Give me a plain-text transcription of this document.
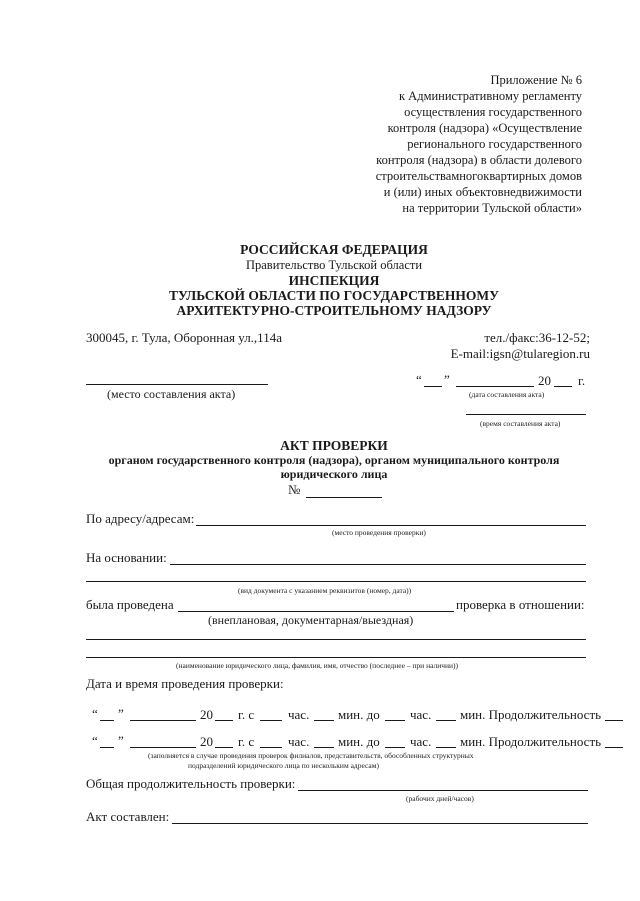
Приложение № 6
к Административному регламенту
осуществления государственного
контроля (надзора) «Осуществление
регионального государственного
контроля (надзора) в области долевого
строительствамногоквартирных домов
и (или) иных объектовнедвижимости
на территории Тульской области»
РОССИЙСКАЯ ФЕДЕРАЦИЯ
Правительство Тульской области
ИНСПЕКЦИЯ
ТУЛЬСКОЙ ОБЛАСТИ ПО ГОСУДАРСТВЕННОМУ
АРХИТЕКТУРНО-СТРОИТЕЛЬНОМУ НАДЗОРУ
300045, г. Тула, Оборонная ул.,114а	тел./факс:36-12-52;
E-mail:igsn@tularegion.ru
(место составления акта)
“ ”	20 г.
(дата составления акта)
(время составления акта)
АКТ ПРОВЕРКИ
органом государственного контроля (надзора), органом муниципального контроля
юридического лица
№
По адресу/адресам:
(место проведения проверки)
На основании:
(вид документа с указанием реквизитов (номер, дата))
была проведена	проверка в отношении:
(внеплановая, документарная/выездная)
(наименование юридического лица, фамилия, имя, отчество (последнее – при наличии))
Дата и время проведения проверки:
“ ”	20 г. с	час. мин. до час. мин. Продолжительность
“ ”	20 г. с	час. мин. до час. мин. Продолжительность
(заполняется в случае проведения проверок филиалов, представительств, обособленных структурных
подразделений юридического лица по нескольким адресам)
Общая продолжительность проверки:
(рабочих дней/часов)
Акт составлен:
